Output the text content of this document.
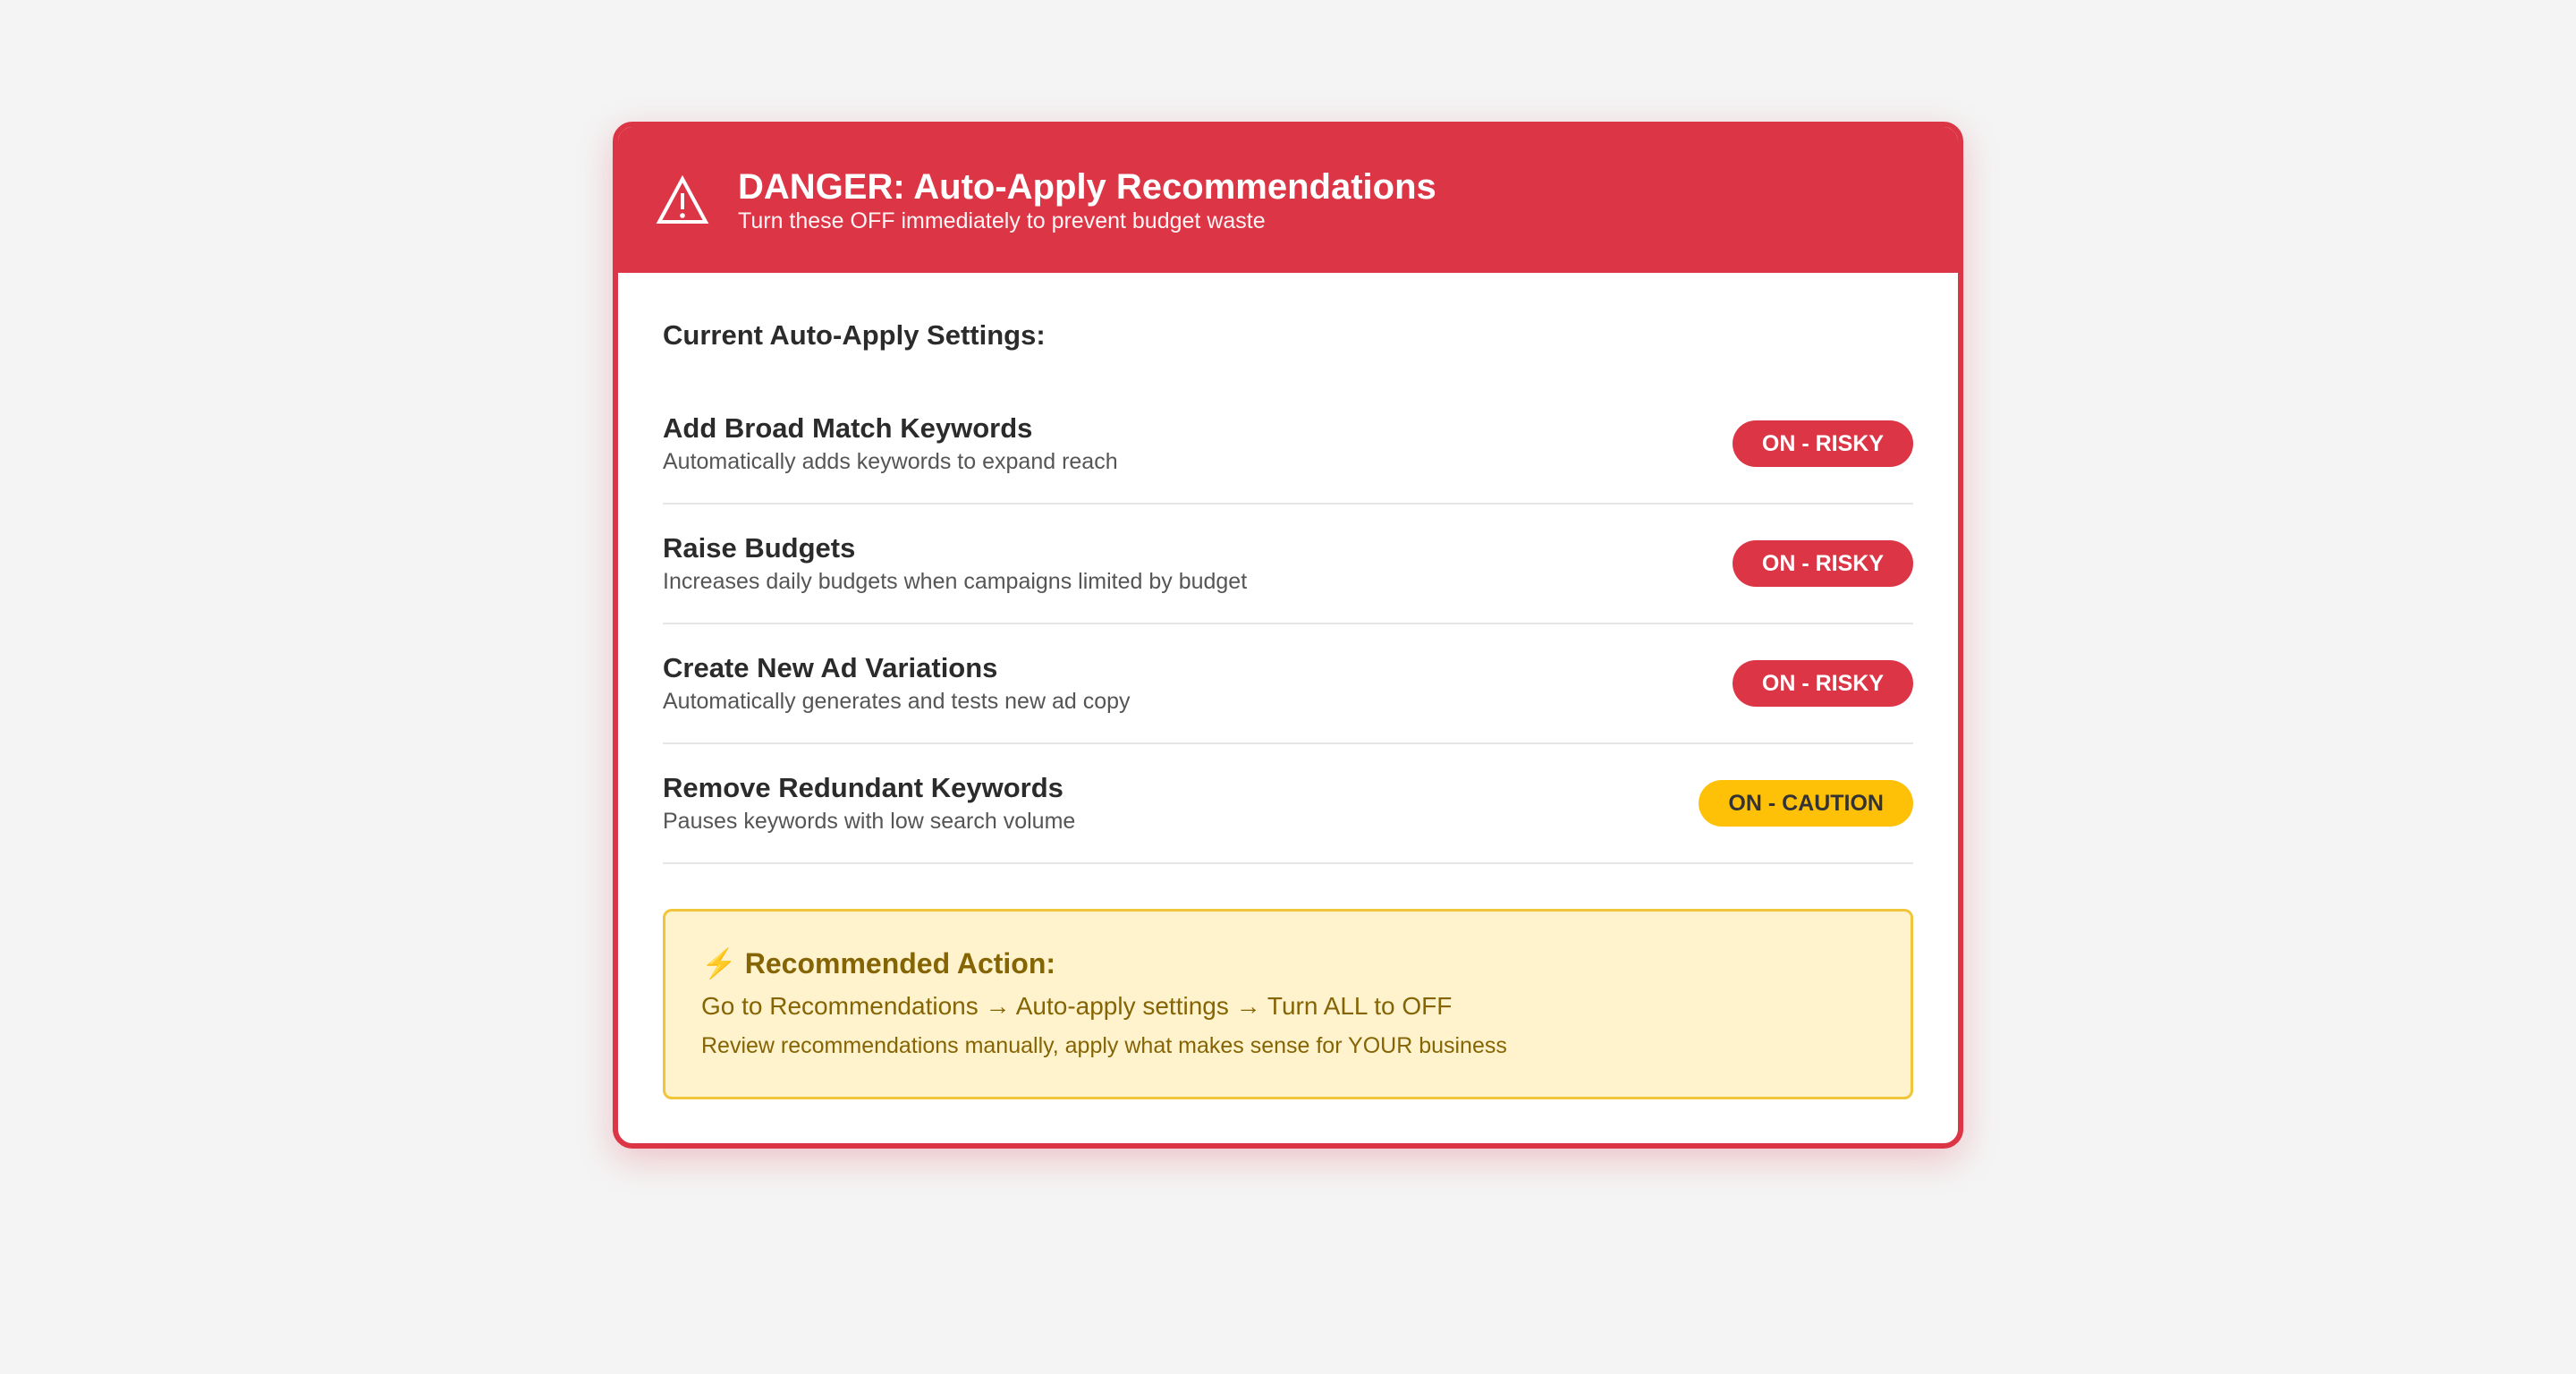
DANGER: Auto-Apply Recommendations
Turn these OFF immediately to prevent budget waste
Current Auto-Apply Settings:
Add Broad Match Keywords
Automatically adds keywords to expand reach
ON - RISKY
Raise Budgets
Increases daily budgets when campaigns limited by budget
ON - RISKY
Create New Ad Variations
Automatically generates and tests new ad copy
ON - RISKY
Remove Redundant Keywords
Pauses keywords with low search volume
ON - CAUTION
⚡ Recommended Action:
Go to Recommendations → Auto-apply settings → Turn ALL to OFF
Review recommendations manually, apply what makes sense for YOUR business
